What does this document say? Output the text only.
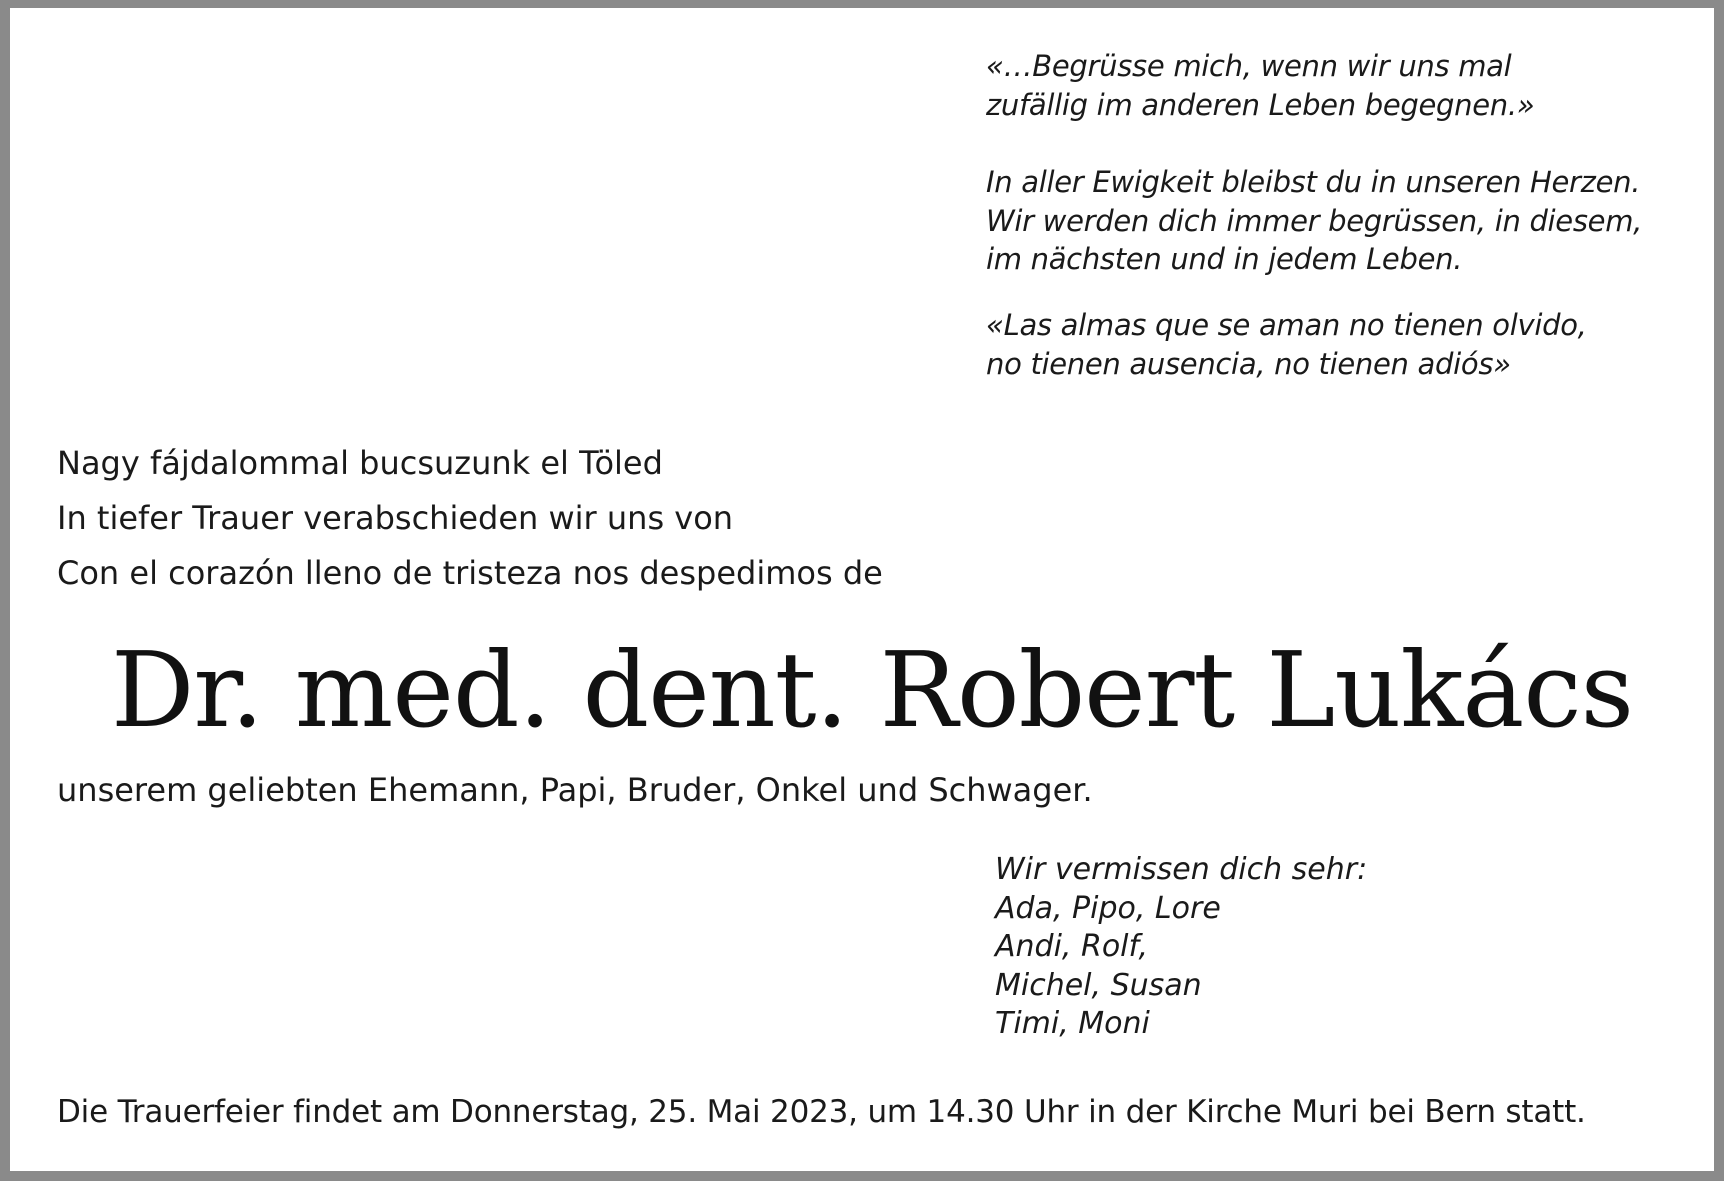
«…Begrüsse mich, wenn wir uns mal
zufällig im anderen Leben begegnen.»
In aller Ewigkeit bleibst du in unseren Herzen.
Wir werden dich immer begrüssen, in diesem,
im nächsten und in jedem Leben.
«Las almas que se aman no tienen olvido,
no tienen ausencia, no tienen adiós»
Nagy fájdalommal bucsuzunk el Töled
In tiefer Trauer verabschieden wir uns von
Con el corazón lleno de tristeza nos despedimos de
Dr. med. dent. Robert Lukács
unserem geliebten Ehemann, Papi, Bruder, Onkel und Schwager.
Wir vermissen dich sehr:
Ada, Pipo, Lore
Andi, Rolf,
Michel, Susan
Timi, Moni
Die Trauerfeier findet am Donnerstag, 25. Mai 2023, um 14.30 Uhr in der Kirche Muri bei Bern statt.
